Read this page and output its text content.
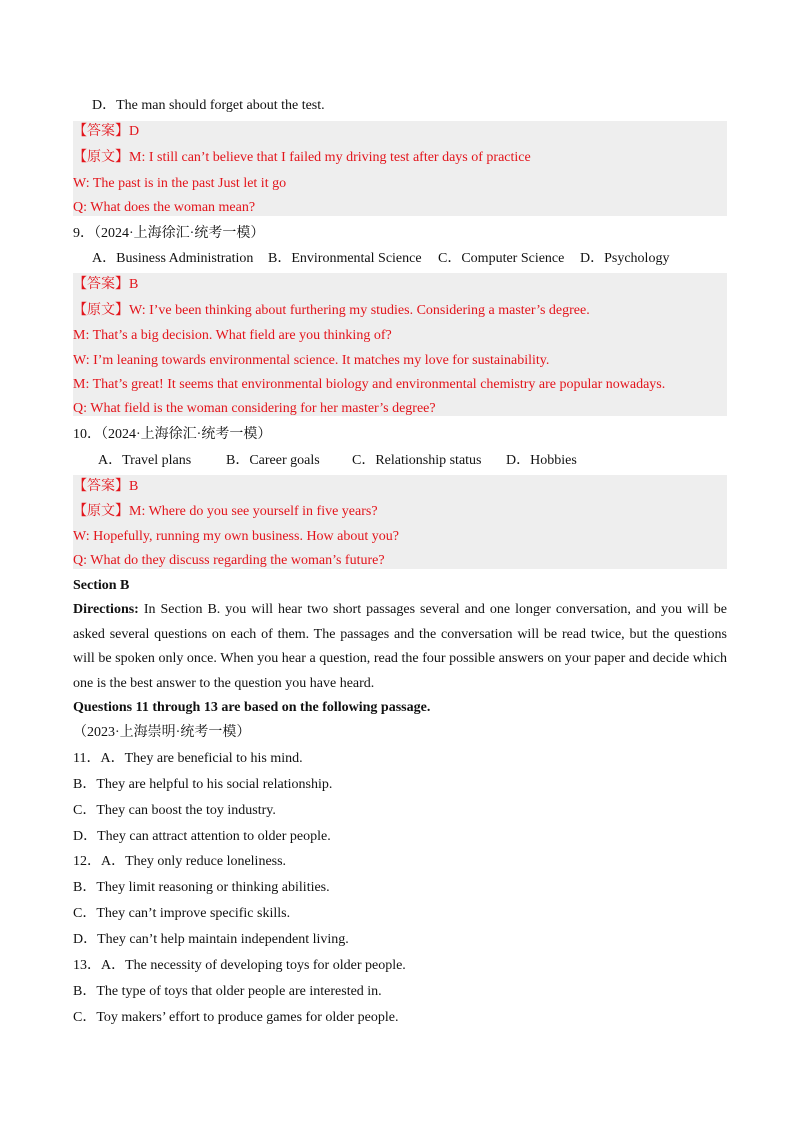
D．The man should forget about the test.
【答案】D
【原文】M: I still can’t believe that I failed my driving test after days of practice
W: The past is in the past Just let it go
Q: What does the woman mean?
9．（2024·上海徐汇·统考一模）
A．Business Administration B．Environmental Science C．Computer Science D．Psychology
【答案】B
【原文】W: I’ve been thinking about furthering my studies. Considering a master’s degree.
M: That’s a big decision. What field are you thinking of?
W: I’m leaning towards environmental science. It matches my love for sustainability.
M: That’s great! It seems that environmental biology and environmental chemistry are popular nowadays.
Q: What field is the woman considering for her master’s degree?
10．（2024·上海徐汇·统考一模）
A．Travel plans B．Career goals C．Relationship status D．Hobbies
【答案】B
【原文】M: Where do you see yourself in five years?
W: Hopefully, running my own business. How about you?
Q: What do they discuss regarding the woman’s future?
Section B
Directions: In Section B. you will hear two short passages several and one longer conversation, and you will be asked several questions on each of them. The passages and the conversation will be read twice, but the questions will be spoken only once. When you hear a question, read the four possible answers on your paper and decide which one is the best answer to the question you have heard.
Questions 11 through 13 are based on the following passage.
（2023·上海崇明·统考一模）
11．A．They are beneficial to his mind.
B．They are helpful to his social relationship.
C．They can boost the toy industry.
D．They can attract attention to older people.
12．A．They only reduce loneliness.
B．They limit reasoning or thinking abilities.
C．They can’t improve specific skills.
D．They can’t help maintain independent living.
13．A．The necessity of developing toys for older people.
B．The type of toys that older people are interested in.
C．Toy makers’ effort to produce games for older people.
